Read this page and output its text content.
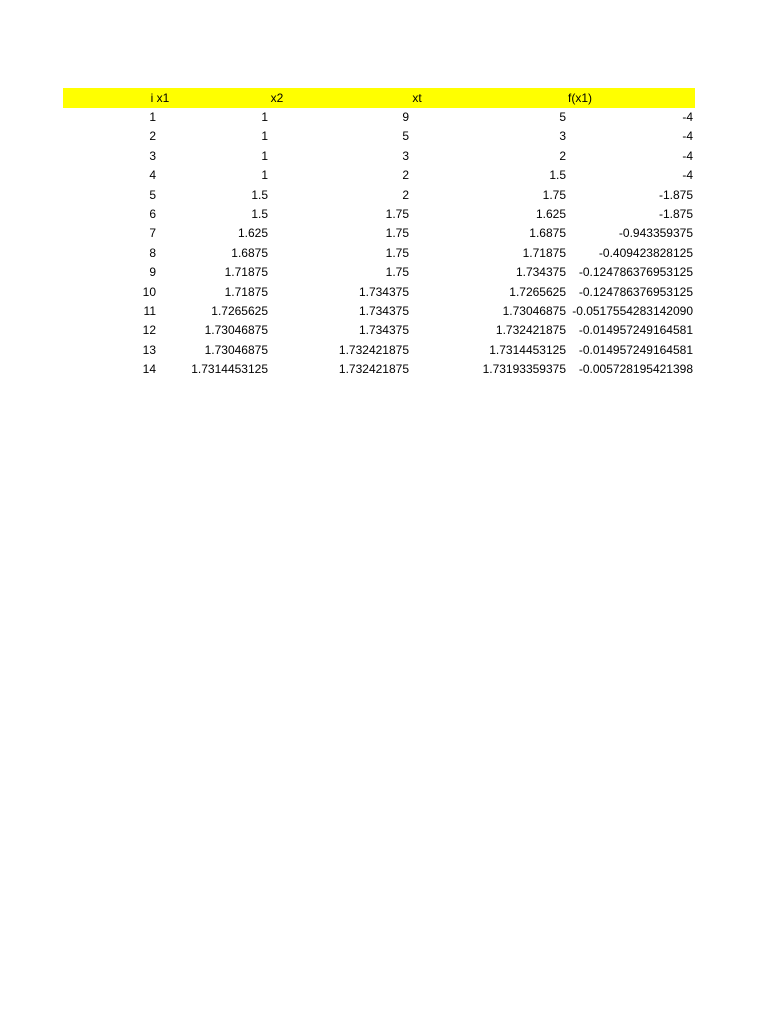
i x1	x2	xt	f(x1)
1	1	9	5	-4
2	1	5	3	-4
3	1	3	2	-4
4	1	2	1.5	-4
5	1.5	2	1.75	-1.875
6	1.5	1.75	1.625	-1.875
7	1.625	1.75	1.6875	-0.943359375
8	1.6875	1.75	1.71875	-0.409423828125
9	1.71875	1.75	1.734375	-0.124786376953125
10	1.71875	1.734375	1.7265625	-0.124786376953125
11	1.7265625	1.734375	1.73046875 -0.0517554283142090
12	1.73046875	1.734375	1.732421875	-0.014957249164581
13	1.73046875	1.732421875	1.7314453125	-0.014957249164581
14	1.7314453125	1.732421875	1.73193359375	-0.005728195421398
